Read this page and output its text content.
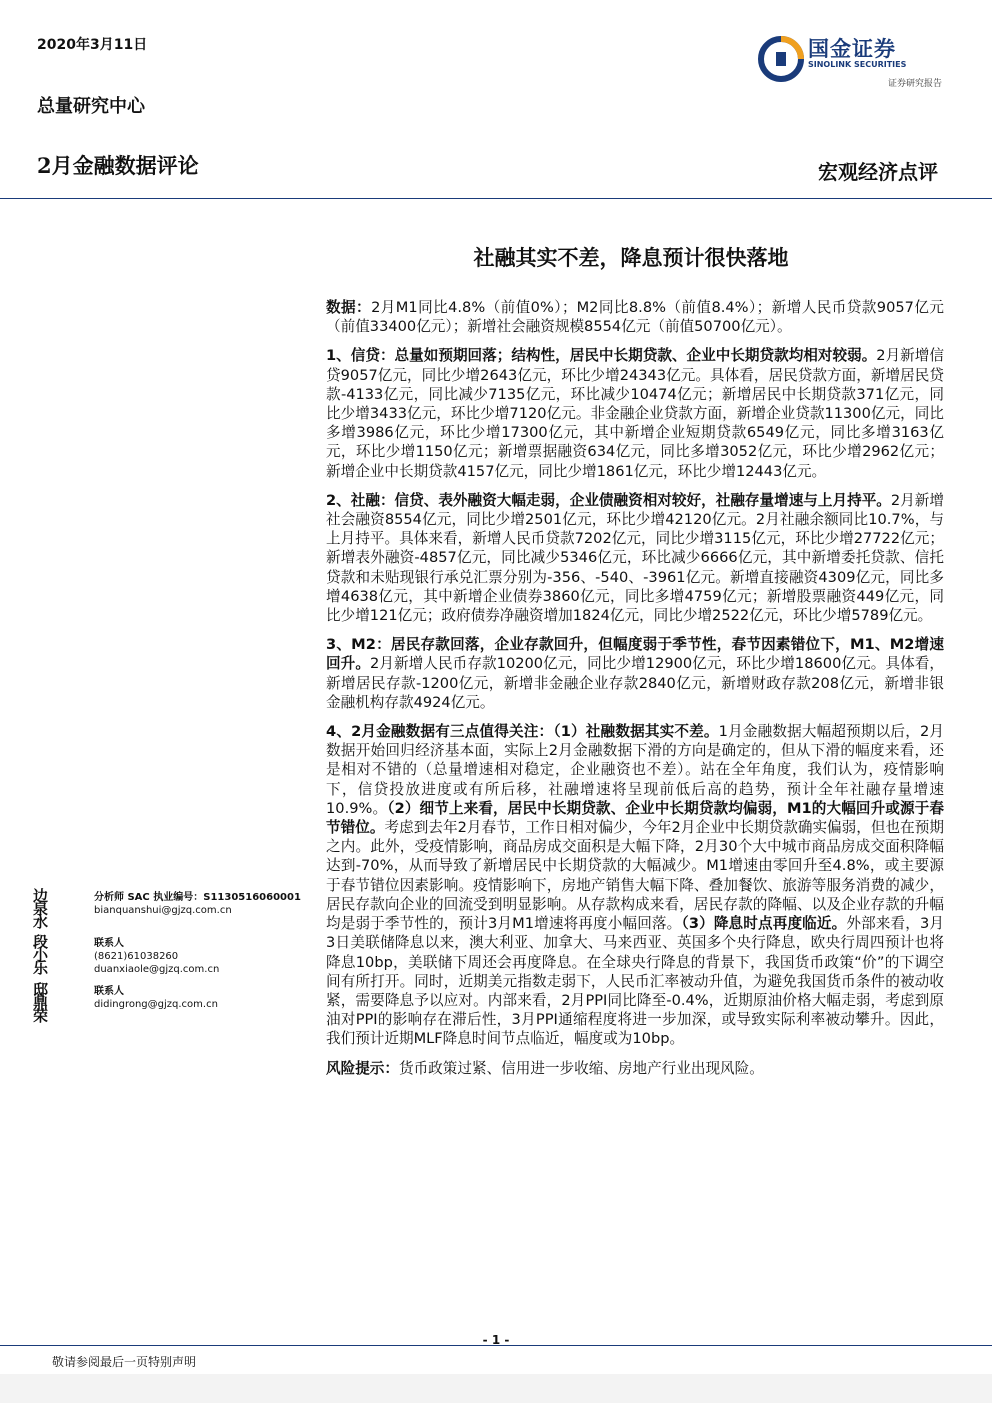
2020年3月11日
总量研究中心
2月金融数据评论	宏观经济点评
国金证券
SINOLINK SECURITIES
证券研究报告
社融其实不差，降息预计很快落地

数据：2月M1同比4.8%（前值0%）；M2同比8.8%（前值8.4%）；新增人民币贷款9057亿元（前值33400亿元）；新增社会融资规模8554亿元（前值50700亿元）。

1、信贷：总量如预期回落；结构性，居民中长期贷款、企业中长期贷款均相对较弱。2月新增信贷9057亿元，同比少增2643亿元，环比少增24343亿元。具体看，居民贷款方面，新增居民贷款-4133亿元，同比减少7135亿元，环比减少10474亿元；新增居民中长期贷款371亿元，同比少增3433亿元，环比少增7120亿元。非金融企业贷款方面，新增企业贷款11300亿元，同比多增3986亿元，环比少增17300亿元，其中新增企业短期贷款6549亿元，同比多增3163亿元，环比少增1150亿元；新增票据融资634亿元，同比多增3052亿元，环比少增2962亿元；新增企业中长期贷款4157亿元，同比少增1861亿元，环比少增12443亿元。

2、社融：信贷、表外融资大幅走弱，企业债融资相对较好，社融存量增速与上月持平。2月新增社会融资8554亿元，同比少增2501亿元，环比少增42120亿元。2月社融余额同比10.7%，与上月持平。具体来看，新增人民币贷款7202亿元，同比少增3115亿元，环比少增27722亿元；新增表外融资-4857亿元，同比减少5346亿元，环比减少6666亿元，其中新增委托贷款、信托贷款和未贴现银行承兑汇票分别为-356、-540、-3961亿元。新增直接融资4309亿元，同比多增4638亿元，其中新增企业债券3860亿元，同比多增4759亿元；新增股票融资449亿元，同比少增121亿元；政府债券净融资增加1824亿元，同比少增2522亿元，环比少增5789亿元。

3、M2：居民存款回落，企业存款回升，但幅度弱于季节性，春节因素错位下，M1、M2增速回升。2月新增人民币存款10200亿元，同比少增12900亿元，环比少增18600亿元。具体看，新增居民存款-1200亿元，新增非金融企业存款2840亿元，新增财政存款208亿元，新增非银金融机构存款4924亿元。

4、2月金融数据有三点值得关注：（1）社融数据其实不差。1月金融数据大幅超预期以后，2月数据开始回归经济基本面，实际上2月金融数据下滑的方向是确定的，但从下滑的幅度来看，还是相对不错的（总量增速相对稳定，企业融资也不差）。站在全年角度，我们认为，疫情影响下，信贷投放进度或有所后移，社融增速将呈现前低后高的趋势，预计全年社融存量增速10.9%。（2）细节上来看，居民中长期贷款、企业中长期贷款均偏弱，M1的大幅回升或源于春节错位。考虑到去年2月春节，工作日相对偏少，今年2月企业中长期贷款确实偏弱，但也在预期之内。此外，受疫情影响，商品房成交面积是大幅下降，2月30个大中城市商品房成交面积降幅达到-70%，从而导致了新增居民中长期贷款的大幅减少。M1增速由零回升至4.8%，或主要源于春节错位因素影响。疫情影响下，房地产销售大幅下降、叠加餐饮、旅游等服务消费的减少，居民存款向企业的回流受到明显影响。从存款构成来看，居民存款的降幅、以及企业存款的升幅均是弱于季节性的，预计3月M1增速将再度小幅回落。（3）降息时点再度临近。外部来看，3月3日美联储降息以来，澳大利亚、加拿大、马来西亚、英国多个央行降息，欧央行周四预计也将降息10bp，美联储下周还会再度降息。在全球央行降息的背景下，我国货币政策“价”的下调空间有所打开。同时，近期美元指数走弱下，人民币汇率被动升值，为避免我国货币条件的被动收紧，需要降息予以应对。内部来看，2月PPI同比降至-0.4%，近期原油价格大幅走弱，考虑到原油对PPI的影响存在滞后性，3月PPI通缩程度将进一步加深，或导致实际利率被动攀升。因此，我们预计近期MLF降息时间节点临近，幅度或为10bp。

风险提示：货币政策过紧、信用进一步收缩、房地产行业出现风险。

边泉水
分析师 SAC 执业编号：S1130516060001
bianquanshui@gjzq.com.cn
段小乐
联系人
(8621)61038260
duanxiaole@gjzq.com.cn
邸鼎荣
联系人
didingrong@gjzq.com.cn
- 1 -
敬请参阅最后一页特别声明
